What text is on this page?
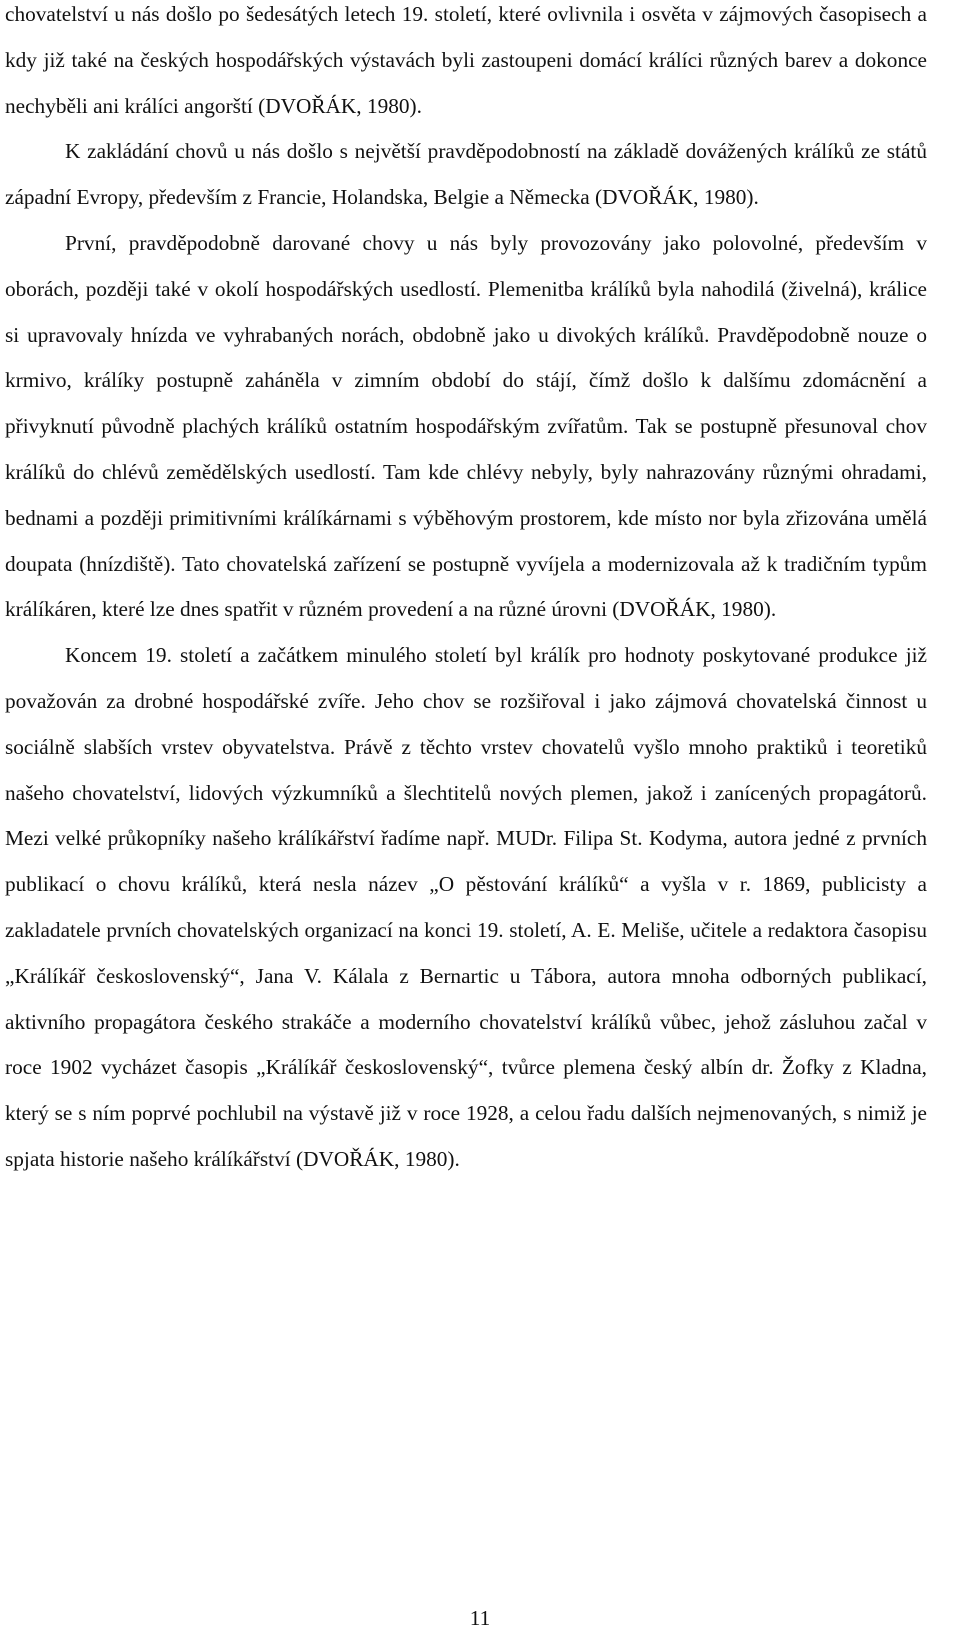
chovatelství u nás došlo po šedesátých letech 19. století, které ovlivnila i osvěta v zájmových časopisech a kdy již také na českých hospodářských výstavách byli zastoupeni domácí králíci různých barev a dokonce nechyběli ani králíci angorští (DVOŘÁK, 1980).

K zakládání chovů u nás došlo s největší pravděpodobností na základě dovážených králíků ze států západní Evropy, především z Francie, Holandska, Belgie a Německa (DVOŘÁK, 1980).

První, pravděpodobně darované chovy u nás byly provozovány jako polovolné, především v oborách, později také v okolí hospodářských usedlostí. Plemenitba králíků byla nahodilá (živelná), králice si upravovaly hnízda ve vyhrabaných norách, obdobně jako u divokých králíků. Pravděpodobně nouze o krmivo, králíky postupně zaháněla v zimním období do stájí, čímž došlo k dalšímu zdomácnění a přivyknutí původně plachých králíků ostatním hospodářským zvířatům. Tak se postupně přesunoval chov králíků do chlévů zemědělských usedlostí. Tam kde chlévy nebyly, byly nahrazovány různými ohradami, bednami a později primitivními králíkárnami s výběhovým prostorem, kde místo nor byla zřizována umělá doupata (hnízdiště). Tato chovatelská zařízení se postupně vyvíjela a modernizovala až k tradičním typům králíkáren, které lze dnes spatřit v různém provedení a na různé úrovni (DVOŘÁK, 1980).

Koncem 19. století a začátkem minulého století byl králík pro hodnoty poskytované produkce již považován za drobné hospodářské zvíře. Jeho chov se rozšiřoval i jako zájmová chovatelská činnost u sociálně slabších vrstev obyvatelstva. Právě z těchto vrstev chovatelů vyšlo mnoho praktiků i teoretiků našeho chovatelství, lidových výzkumníků a šlechtitelů nových plemen, jakož i zanícených propagátorů. Mezi velké průkopníky našeho králíkářství řadíme např. MUDr. Filipa St. Kodyma, autora jedné z prvních publikací o chovu králíků, která nesla název „O pěstování králíků“ a vyšla v r. 1869, publicisty a zakladatele prvních chovatelských organizací na konci 19. století, A. E. Meliše, učitele a redaktora časopisu „Králíkář československý“, Jana V. Kálala z Bernartic u Tábora, autora mnoha odborných publikací, aktivního propagátora českého strakáče a moderního chovatelství králíků vůbec, jehož zásluhou začal v roce 1902 vycházet časopis „Králíkář československý“, tvůrce plemena český albín dr. Žofky z Kladna, který se s ním poprvé pochlubil na výstavě již v roce 1928, a celou řadu dalších nejmenovaných, s nimiž je spjata historie našeho králíkářství (DVOŘÁK, 1980).

11
